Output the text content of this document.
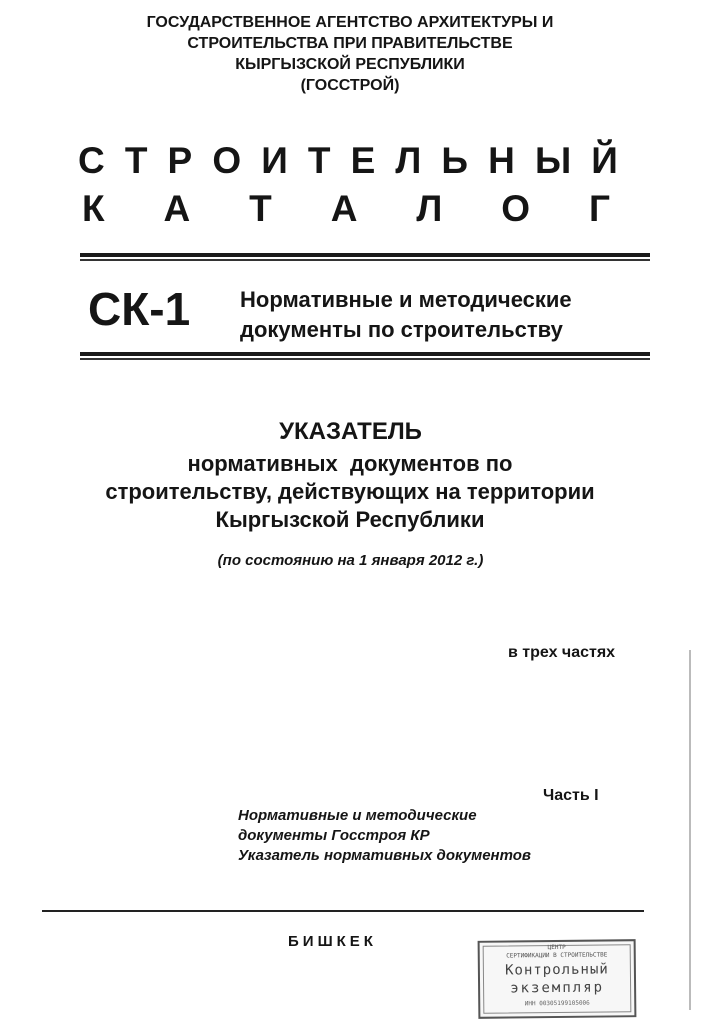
ГОСУДАРСТВЕННОЕ АГЕНТСТВО АРХИТЕКТУРЫ И
СТРОИТЕЛЬСТВА ПРИ ПРАВИТЕЛЬСТВЕ
КЫРГЫЗСКОЙ РЕСПУБЛИКИ
(ГОССТРОЙ)
С Т Р О И Т Е Л Ь Н Ы Й
К А Т А Л О Г
СК-1 Нормативные и методические
документы по строительству
УКАЗАТЕЛЬ
нормативных  документов по
строительству, действующих на территории
Кыргызской Республики
(по состоянию на 1 января 2012 г.)
в трех частях
Часть I
Нормативные и методические
документы Госстроя КР
Указатель нормативных документов
БИШКЕК	ЦЕНТР
СЕРТИФИКАЦИИ В СТРОИТЕЛЬСТВЕ
Контрольный
экземпляр
ИНН 00305199105006
